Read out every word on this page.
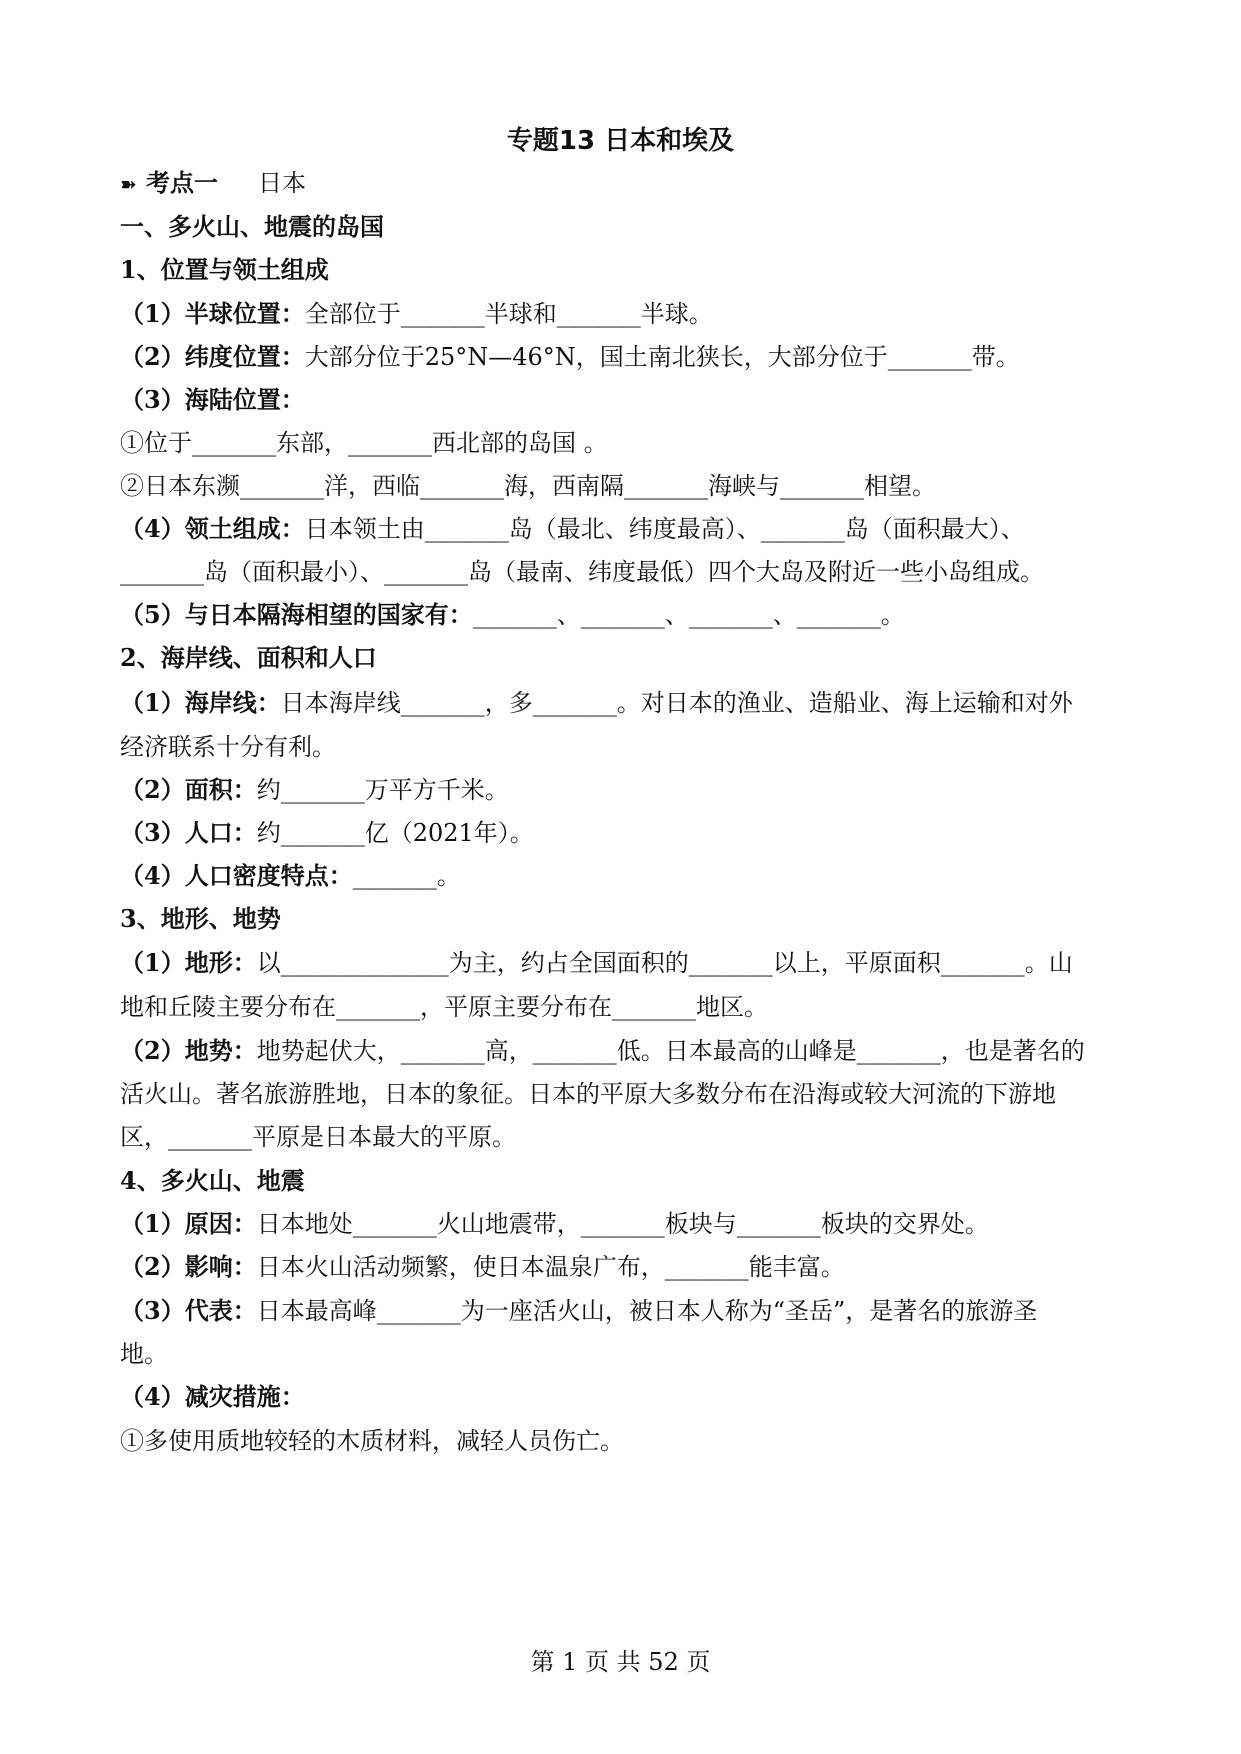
专题13 日本和埃及
➽ 考点一 日本
一、多火山、地震的岛国
1、位置与领土组成
（1）半球位置：全部位于_______半球和_______半球。
（2）纬度位置：大部分位于25°N—46°N，国土南北狭长，大部分位于_______带。
（3）海陆位置：
①位于_______东部，_______西北部的岛国 。
②日本东濒_______洋，西临_______海，西南隔_______海峡与_______相望。
（4）领土组成：日本领土由_______岛（最北、纬度最高）、_______岛（面积最大）、
_______岛（面积最小）、_______岛（最南、纬度最低）四个大岛及附近一些小岛组成。
（5）与日本隔海相望的国家有：_______、_______、_______、_______。
2、海岸线、面积和人口
（1）海岸线：日本海岸线_______，多_______。对日本的渔业、造船业、海上运输和对外
经济联系十分有利。
（2）面积：约_______万平方千米。
（3）人口：约_______亿（2021年）。
（4）人口密度特点：_______。
3、地形、地势
（1）地形：以______________为主，约占全国面积的_______以上，平原面积_______。山
地和丘陵主要分布在_______，平原主要分布在_______地区。
（2）地势：地势起伏大，_______高，_______低。日本最高的山峰是_______，也是著名的
活火山。著名旅游胜地，日本的象征。日本的平原大多数分布在沿海或较大河流的下游地
区，_______平原是日本最大的平原。
4、多火山、地震
（1）原因：日本地处_______火山地震带，_______板块与_______板块的交界处。
（2）影响：日本火山活动频繁，使日本温泉广布，_______能丰富。
（3）代表：日本最高峰_______为一座活火山，被日本人称为“圣岳”，是著名的旅游圣
地。
（4）减灾措施：
①多使用质地较轻的木质材料，减轻人员伤亡。
第 1 页 共 52 页
